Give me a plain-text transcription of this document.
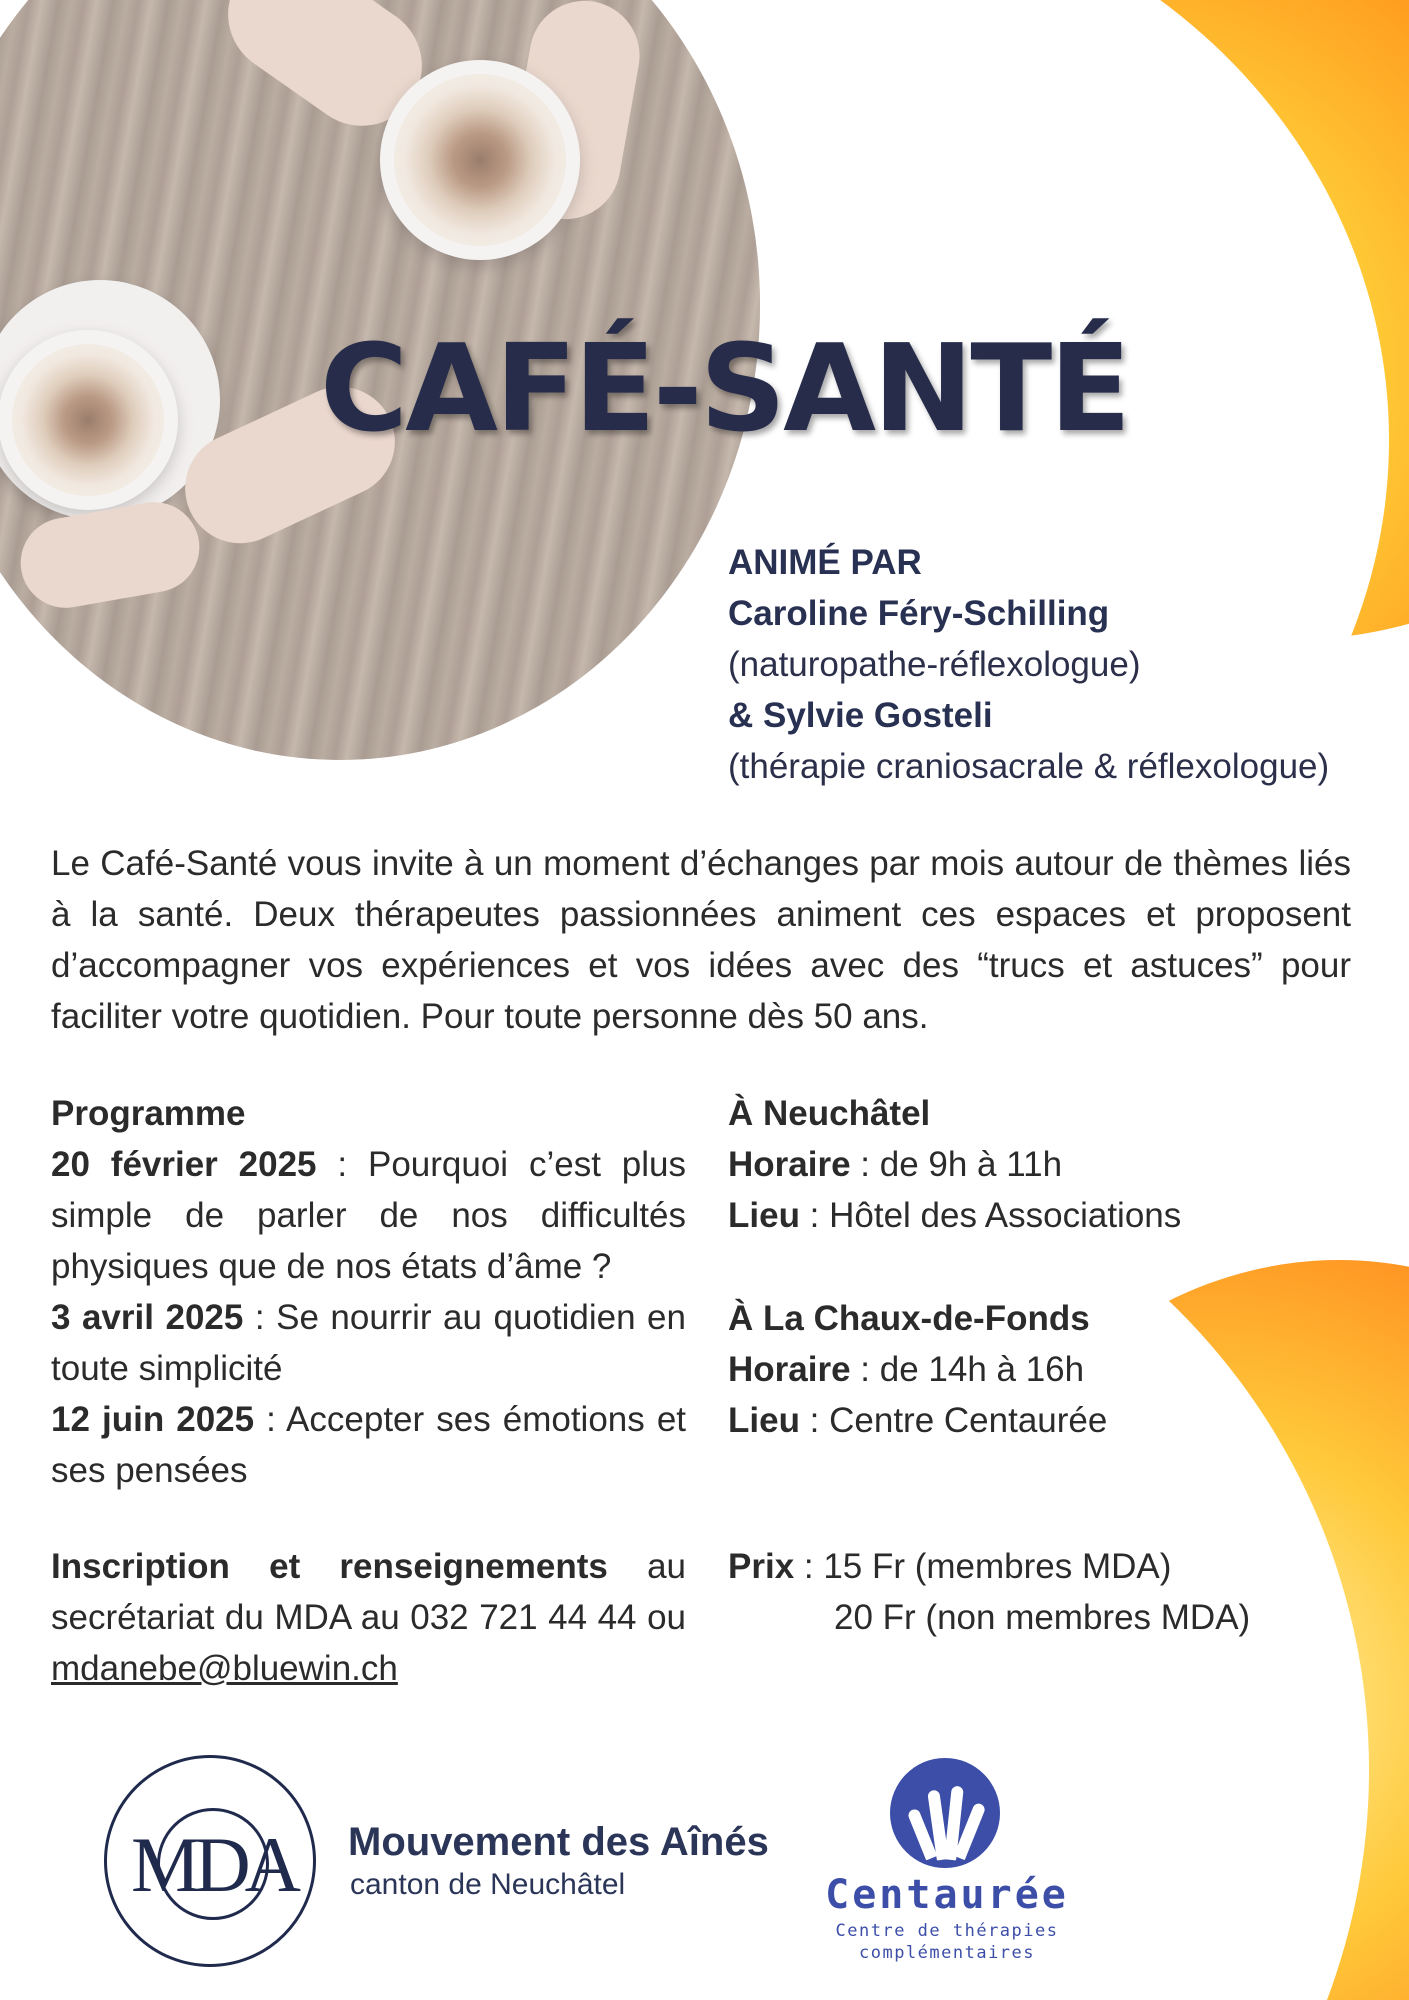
CAFÉ-SANTÉ
ANIMÉ PAR
Caroline Féry-Schilling
(naturopathe-réflexologue)
& Sylvie Gosteli
(thérapie craniosacrale & réflexologue)
Le Café-Santé vous invite à un moment d’échanges par mois autour de thèmes liés à la santé. Deux thérapeutes passionnées animent ces espaces et proposent d’accompagner vos expériences et vos idées avec des “trucs et astuces” pour faciliter votre quotidien. Pour toute personne dès 50 ans.

Programme

20 février 2025 : Pourquoi c’est plus simple de parler de nos difficultés physiques que de nos états d’âme ?

3 avril 2025 : Se nourrir au quotidien en toute simplicité

12 juin 2025 : Accepter ses émotions et ses pensées

À Neuchâtel

Horaire : de 9h à 11h

Lieu : Hôtel des Associations

À La Chaux-de-Fonds

Horaire : de 14h à 16h

Lieu : Centre Centaurée

Inscription et renseignements au secrétariat du MDA au 032 721 44 44 ou mdanebe@bluewin.ch

Prix : 15 Fr (membres MDA)

20 Fr (non membres MDA)

MDA	Mouvement des Aînés
canton de Neuchâtel	Centaurée
Centre de thérapies complémentaires
